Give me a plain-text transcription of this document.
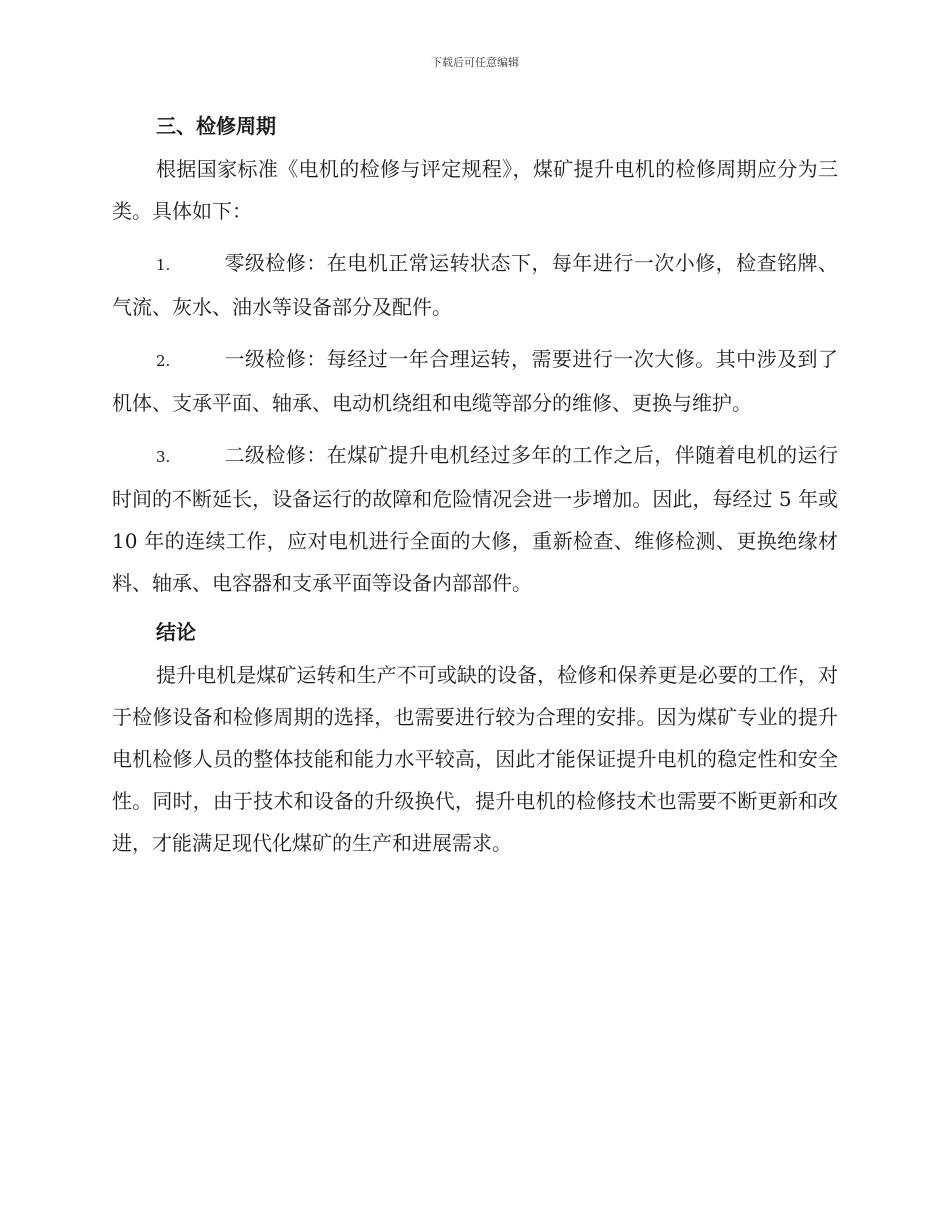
下载后可任意编辑
三、检修周期

根据国家标准《电机的检修与评定规程》，煤矿提升电机的检修周期应分为三类。具体如下：

1.	零级检修：在电机正常运转状态下，每年进行一次小修，检查铭牌、气流、灰水、油水等设备部分及配件。

2.	一级检修：每经过一年合理运转，需要进行一次大修。其中涉及到了机体、支承平面、轴承、电动机绕组和电缆等部分的维修、更换与维护。

3.	二级检修：在煤矿提升电机经过多年的工作之后，伴随着电机的运行时间的不断延长，设备运行的故障和危险情况会进一步增加。因此，每经过 5 年或 10 年的连续工作，应对电机进行全面的大修，重新检查、维修检测、更换绝缘材料、轴承、电容器和支承平面等设备内部部件。

结论

提升电机是煤矿运转和生产不可或缺的设备，检修和保养更是必要的工作，对于检修设备和检修周期的选择，也需要进行较为合理的安排。因为煤矿专业的提升电机检修人员的整体技能和能力水平较高，因此才能保证提升电机的稳定性和安全性。同时，由于技术和设备的升级换代，提升电机的检修技术也需要不断更新和改进，才能满足现代化煤矿的生产和进展需求。
